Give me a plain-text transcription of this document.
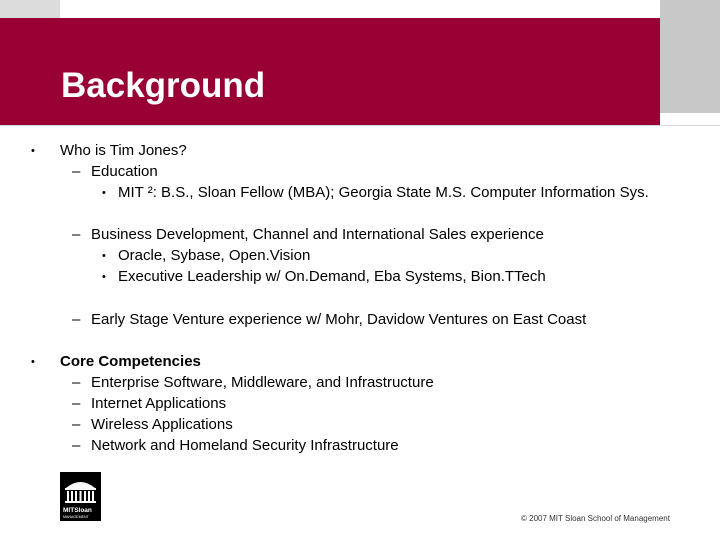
Background
• Who is Tim Jones?
– Education
• MIT ²: B.S., Sloan Fellow (MBA); Georgia State M.S. Computer Information Sys.
– Business Development, Channel and International Sales experience
• Oracle, Sybase, Open.Vision
• Executive Leadership w/ On.Demand, Eba Systems, Bion.TTech
– Early Stage Venture experience w/ Mohr, Davidow Ventures on East Coast
• Core Competencies
– Enterprise Software, Middleware, and Infrastructure
– Internet Applications
– Wireless Applications
– Network and Homeland Security Infrastructure
MITSloan
MANAGEMENT	© 2007 MIT Sloan School of Management
